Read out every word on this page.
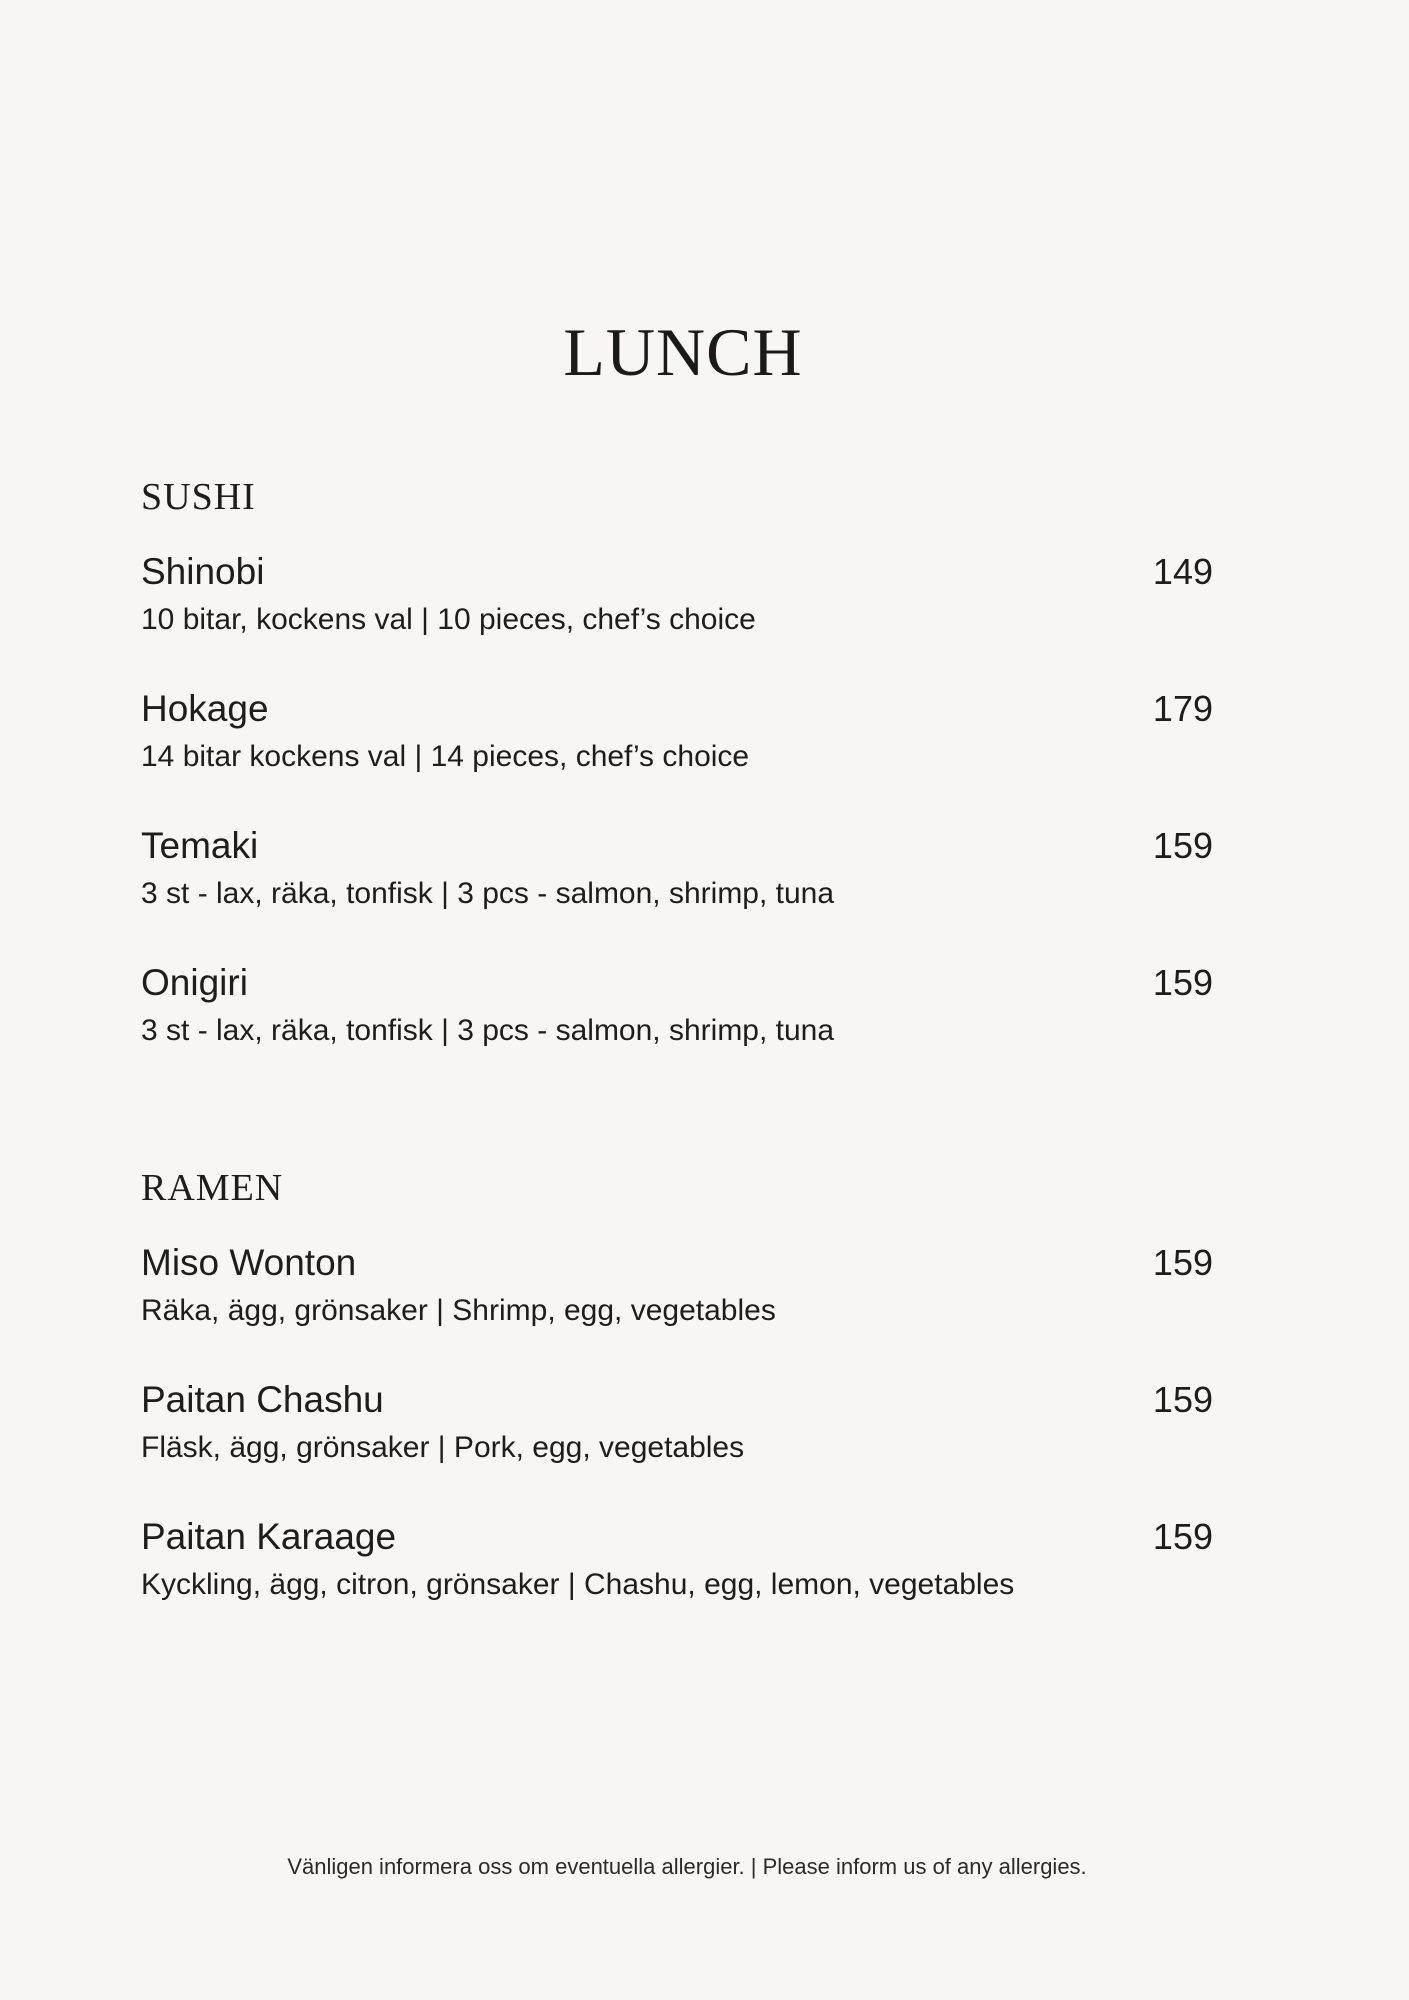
LUNCH
SUSHI
Shinobi	149
10 bitar, kockens val | 10 pieces, chef’s choice
Hokage	179
14 bitar kockens val | 14 pieces, chef’s choice
Temaki	159
3 st - lax, räka, tonfisk | 3 pcs - salmon, shrimp, tuna
Onigiri	159
3 st - lax, räka, tonfisk | 3 pcs - salmon, shrimp, tuna
RAMEN
Miso Wonton	159
Räka, ägg, grönsaker | Shrimp, egg, vegetables
Paitan Chashu	159
Fläsk, ägg, grönsaker | Pork, egg, vegetables
Paitan Karaage	159
Kyckling, ägg, citron, grönsaker | Chashu, egg, lemon, vegetables
Vänligen informera oss om eventuella allergier. | Please inform us of any allergies.
